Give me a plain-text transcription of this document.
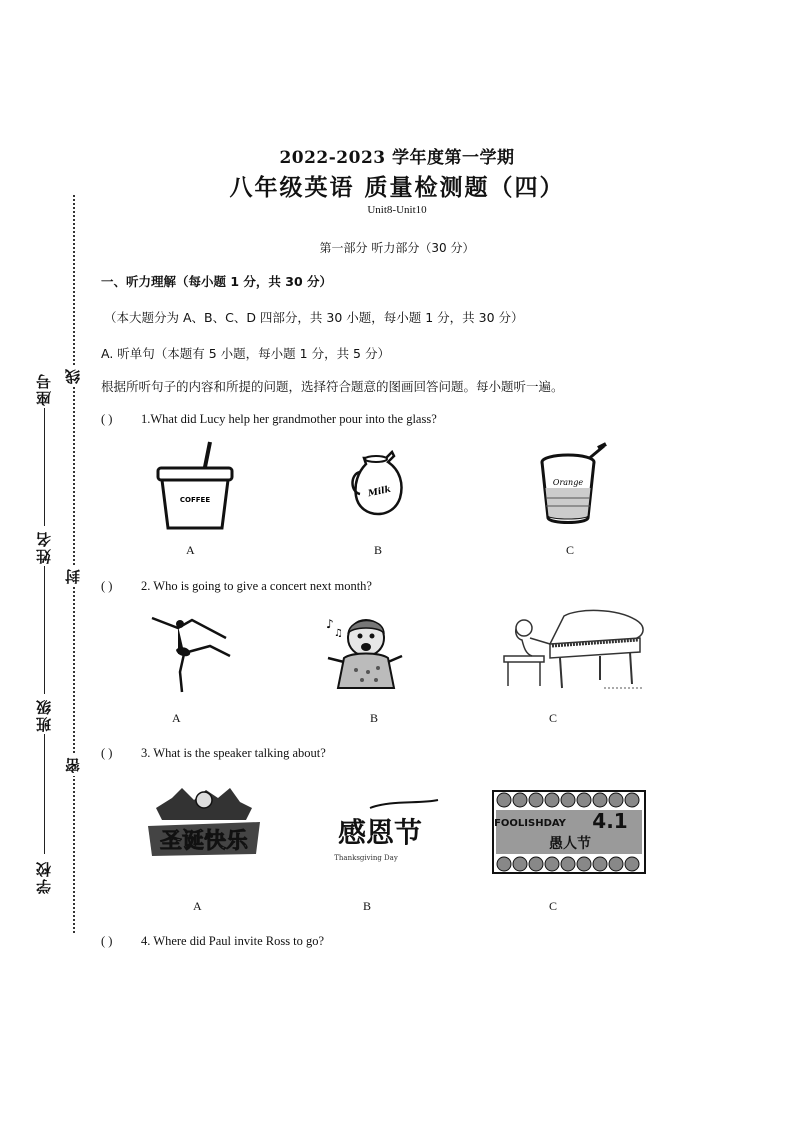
座号
姓名
班级
学校
线
封
密
2022-2023 学年度第一学期
八年级英语 质量检测题（四）
Unit8-Unit10
第一部分 听力部分（30 分）
一、听力理解（每小题 1 分，共 30 分）
（本大题分为 A、B、C、D 四部分，共 30 小题，每小题 1 分，共 30 分）
A. 听单句（本题有 5 小题，每小题 1 分，共 5 分）
根据所听句子的内容和所提的问题，选择符合题意的图画回答问题。每小题听一遍。
( ) 1.What did Lucy help her grandmother pour into the glass?
COFFEE
Milk
Orange
A	B	C
( ) 2. Who is going to give a concert next month?
♪
♫
A	B	C
( ) 3. What is the speaker talking about?
圣诞快乐	感恩节
Thanksgiving Day
FOOLISHDAY 4.1
愚人节
A	B	C
( ) 4. Where did Paul invite Ross to go?
